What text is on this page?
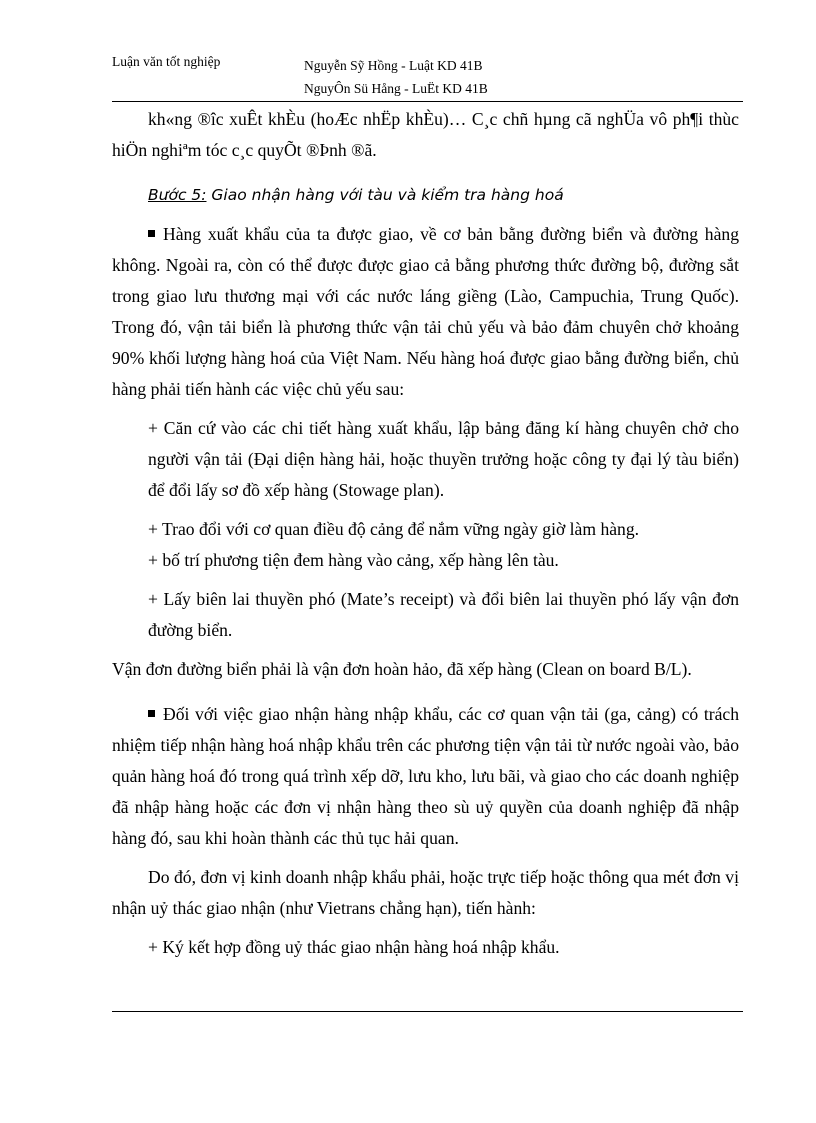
Luận văn tốt nghiệp	Nguyễn Sỹ Hồng - Luật KD 41B
NguyÔn Sü Hång - LuËt KD 41B

kh«ng ®îc xuÊt khÈu (hoÆc nhËp khÈu)… C¸c chñ hµng cã nghÜa vô ph¶i thùc hiÖn nghiªm tóc c¸c quyÕt ®Þnh ®ã.

Bước 5: Giao nhận hàng với tàu và kiểm tra hàng hoá

Hàng xuất khẩu của ta được giao, về cơ bản bằng đường biển và đường hàng không. Ngoài ra, còn có thể được được giao cả bằng phương thức đường bộ, đường sắt trong giao lưu thương mại với các nước láng giềng (Lào, Campuchia, Trung Quốc). Trong đó, vận tải biển là phương thức vận tải chủ yếu và bảo đảm chuyên chở khoảng 90% khối lượng hàng hoá của Việt Nam. Nếu hàng hoá được giao bằng đường biển, chủ hàng phải tiến hành các việc chủ yếu sau:

+ Căn cứ vào các chi tiết hàng xuất khẩu, lập bảng đăng kí hàng chuyên chở cho người vận tải (Đại diện hàng hải, hoặc thuyền trưởng hoặc công ty đại lý tàu biển) để đổi lấy sơ đồ xếp hàng (Stowage plan).

+ Trao đổi với cơ quan điều độ cảng để nắm vững ngày giờ làm hàng.

+ bố trí phương tiện đem hàng vào cảng, xếp hàng lên tàu.

+ Lấy biên lai thuyền phó (Mate’s receipt) và đổi biên lai thuyền phó lấy vận đơn đường biển.

Vận đơn đường biển phải là vận đơn hoàn hảo, đã xếp hàng (Clean on board B/L).

Đối với việc giao nhận hàng nhập khẩu, các cơ quan vận tải (ga, cảng) có trách nhiệm tiếp nhận hàng hoá nhập khẩu trên các phương tiện vận tải từ nước ngoài vào, bảo quản hàng hoá đó trong quá trình xếp dỡ, lưu kho, lưu bãi, và giao cho các doanh nghiệp đã nhập hàng hoặc các đơn vị nhận hàng theo sù uỷ quyền của doanh nghiệp đã nhập hàng đó, sau khi hoàn thành các thủ tục hải quan.

Do đó, đơn vị kinh doanh nhập khẩu phải, hoặc trực tiếp hoặc thông qua mét đơn vị nhận uỷ thác giao nhận (như Vietrans chẳng hạn), tiến hành:

+ Ký kết hợp đồng uỷ thác giao nhận hàng hoá nhập khẩu.
